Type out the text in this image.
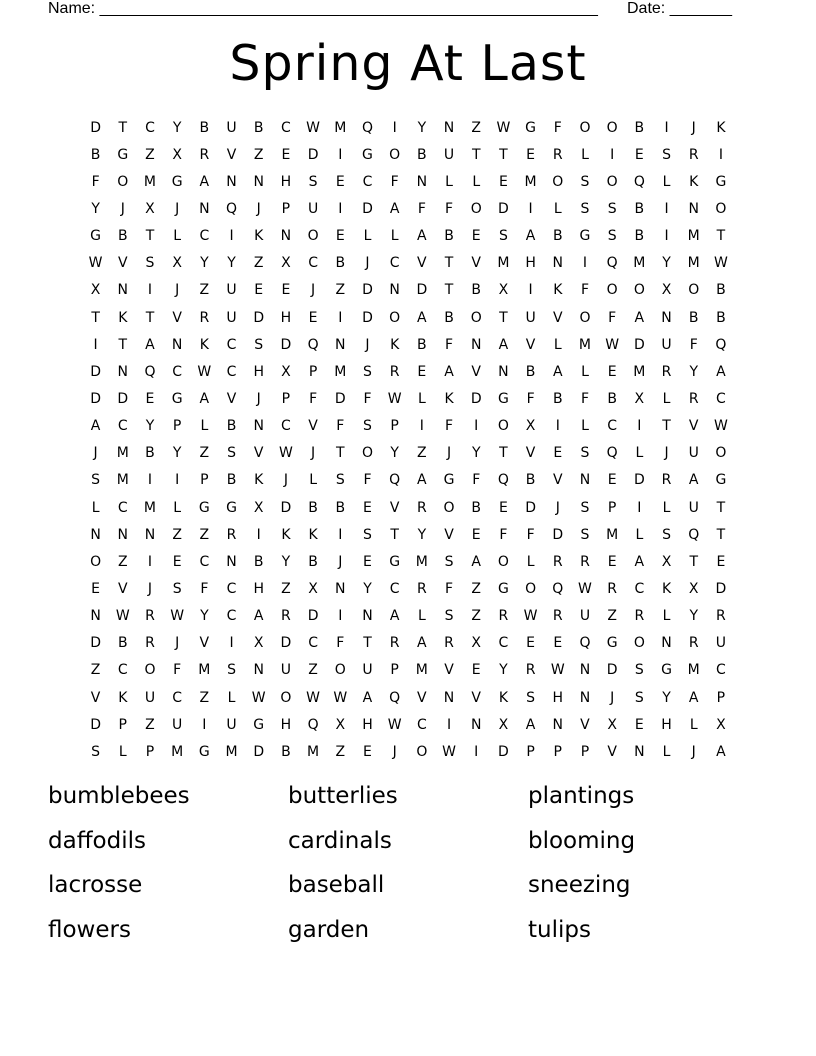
Name: ________________________________________________________ Date: _______
Spring At Last
D	T	C	Y	B	U	B	C	W	M	Q	I	Y	N	Z	W	G	F	O	O	B	I	J	K
B	G	Z	X	R	V	Z	E	D	I	G	O	B	U	T	T	E	R	L	I	E	S	R	I
F	O	M	G	A	N	N	H	S	E	C	F	N	L	L	E	M	O	S	O	Q	L	K	G
Y	J	X	J	N	Q	J	P	U	I	D	A	F	F	O	D	I	L	S	S	B	I	N	O
G	B	T	L	C	I	K	N	O	E	L	L	A	B	E	S	A	B	G	S	B	I	M	T
W	V	S	X	Y	Y	Z	X	C	B	J	C	V	T	V	M	H	N	I	Q	M	Y	M	W
X	N	I	J	Z	U	E	E	J	Z	D	N	D	T	B	X	I	K	F	O	O	X	O	B
T	K	T	V	R	U	D	H	E	I	D	O	A	B	O	T	U	V	O	F	A	N	B	B
I	T	A	N	K	C	S	D	Q	N	J	K	B	F	N	A	V	L	M	W	D	U	F	Q
D	N	Q	C	W	C	H	X	P	M	S	R	E	A	V	N	B	A	L	E	M	R	Y	A
D	D	E	G	A	V	J	P	F	D	F	W	L	K	D	G	F	B	F	B	X	L	R	C
A	C	Y	P	L	B	N	C	V	F	S	P	I	F	I	O	X	I	L	C	I	T	V	W
J	M	B	Y	Z	S	V	W	J	T	O	Y	Z	J	Y	T	V	E	S	Q	L	J	U	O
S	M	I	I	P	B	K	J	L	S	F	Q	A	G	F	Q	B	V	N	E	D	R	A	G
L	C	M	L	G	G	X	D	B	B	E	V	R	O	B	E	D	J	S	P	I	L	U	T
N	N	N	Z	Z	R	I	K	K	I	S	T	Y	V	E	F	F	D	S	M	L	S	Q	T
O	Z	I	E	C	N	B	Y	B	J	E	G	M	S	A	O	L	R	R	E	A	X	T	E
E	V	J	S	F	C	H	Z	X	N	Y	C	R	F	Z	G	O	Q	W	R	C	K	X	D
N	W	R	W	Y	C	A	R	D	I	N	A	L	S	Z	R	W	R	U	Z	R	L	Y	R
D	B	R	J	V	I	X	D	C	F	T	R	A	R	X	C	E	E	Q	G	O	N	R	U
Z	C	O	F	M	S	N	U	Z	O	U	P	M	V	E	Y	R	W	N	D	S	G	M	C
V	K	U	C	Z	L	W	O	W W	A	Q	V	N	V	K	S	H	N	J	S	Y	A	P
D	P	Z	U	I	U	G	H	Q	X	H	W	C	I	N	X	A	N	V	X	E	H	L	X
S	L	P	M	G	M	D	B	M	Z	E	J	O	W	I	D	P	P	P	V	N	L	J	A
bumblebees	butterlies	plantings
daffodils	cardinals	blooming
lacrosse	baseball	sneezing
flowers	garden	tulips
